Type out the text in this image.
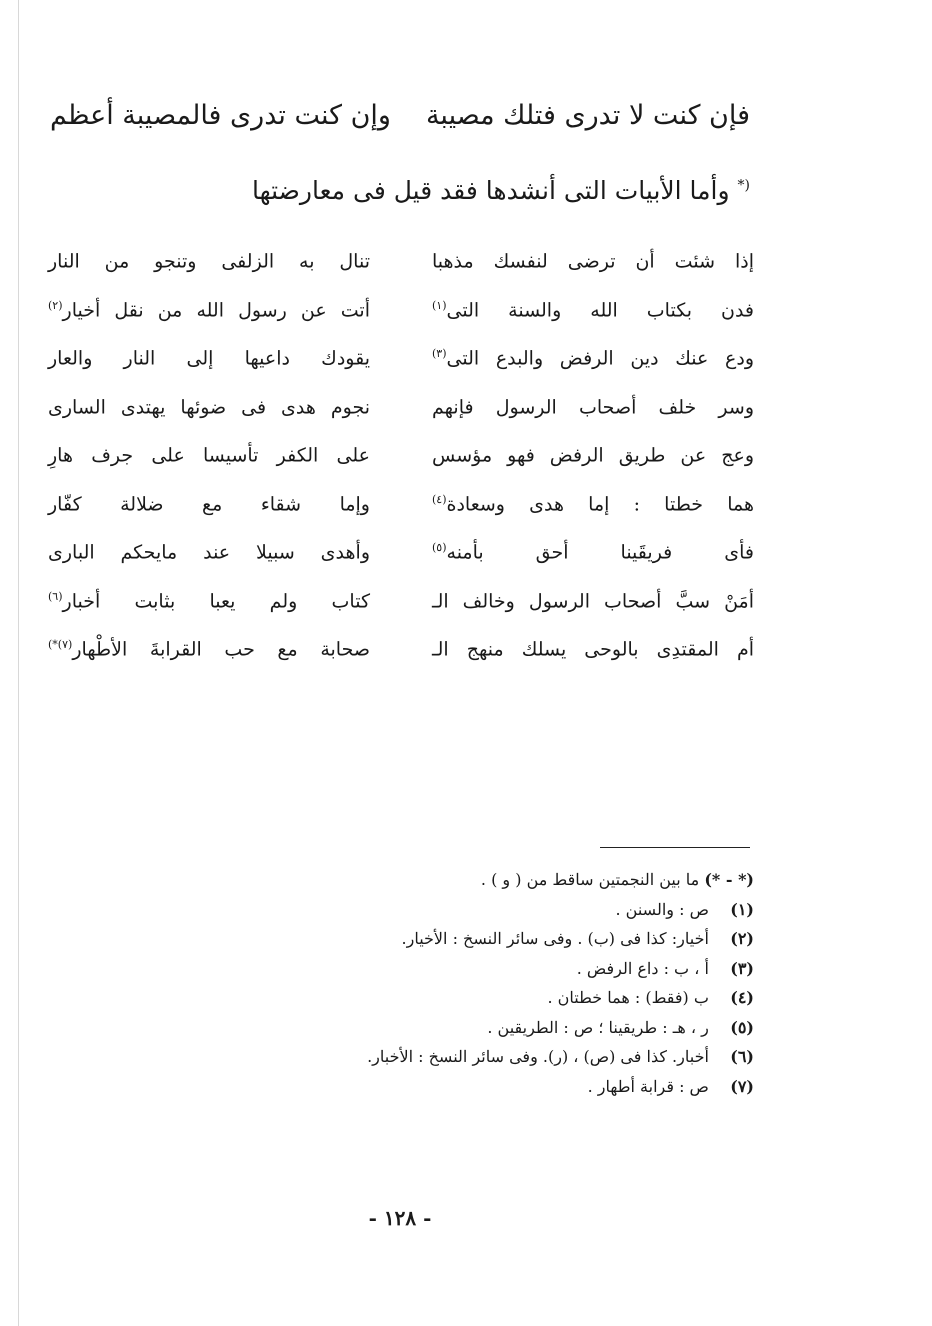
فإن كنت لا تدرى فتلك مصيبة
وإن كنت تدرى فالمصيبة أعظم
(* وأما الأبيات التى أنشدها فقد قيل فى معارضتها
إذا شئت أن ترضى لنفسك مذهبا
تنال به الزلفى وتنجو من النار
فدن بكتاب الله والسنة التى$^{(١)}$
أتت عن رسول الله من نقل أخيار$^{(٢)}$
ودع عنك دين الرفض والبدع التى$^{(٣)}$
يقودك داعيها إلى النار والعار
وسر خلف أصحاب الرسول فإنهم
نجوم هدى فى ضوئها يهتدى السارى
وعج عن طريق الرفض فهو مؤسس
على الكفر تأسيسا على جرف هارِ
هما خطتا : إما هدى وسعادة$^{(٤)}$
وإما شقاء مع ضلالة كفّار
فأى فريقَينا أحق بأمنه$^{(٥)}$
وأهدى سبيلا عند مايحكم البارى
أمَنْ سبَّ أصحاب الرسول وخالف الـ
كتاب ولم يعبا بثابت أخبار$^{(٦)}$
أم المقتدِى بالوحى يسلك منهج الـ
صحابة مع حب القرابةَ الأطْهار$^{(٧)*)}$
(* - *) ما بين النجمتين ساقط من ( و ) .
(١) ص : والسنن .
(٢) أخيار: كذا فى (ب) . وفى سائر النسخ : الأخيار.
(٣) أ ، ب : داع الرفض .
(٤) ب (فقط) : هما خطتان .
(٥) ر ، هـ : طريقينا ؛ ص : الطريقين .
(٦) أخبار. كذا فى (ص) ، (ر). وفى سائر النسخ : الأخبار.
(٧) ص : قرابة أطهار .
- ١٢٨ -
